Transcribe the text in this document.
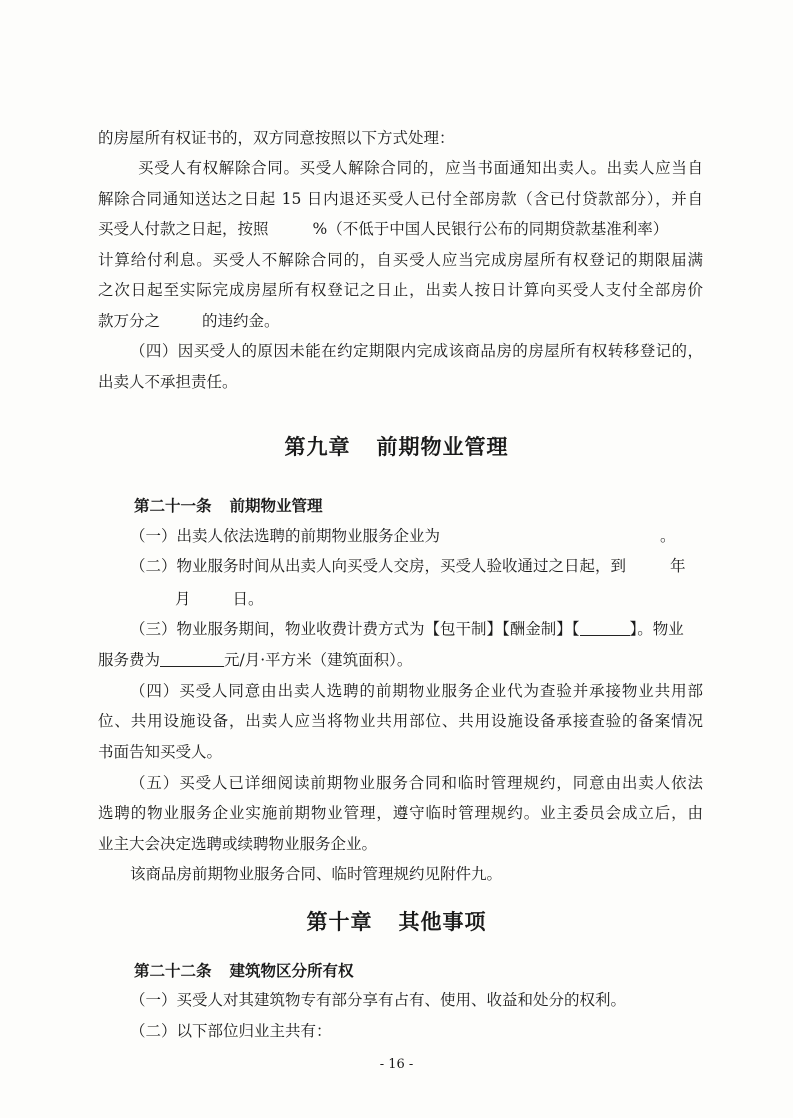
的房屋所有权证书的，双方同意按照以下方式处理：
买受人有权解除合同。买受人解除合同的，应当书面通知出卖人。出卖人应当自
解除合同通知送达之日起 15 日内退还买受人已付全部房款（含已付贷款部分），并自
买受人付款之日起，按照	%（不低于中国人民银行公布的同期贷款基准利率）
计算给付利息。买受人不解除合同的，自买受人应当完成房屋所有权登记的期限届满
之次日起至实际完成房屋所有权登记之日止，出卖人按日计算向买受人支付全部房价
款万分之	的违约金。
（四）因买受人的原因未能在约定期限内完成该商品房的房屋所有权转移登记的，
出卖人不承担责任。
第九章 前期物业管理
第二十一条 前期物业管理
（一）出卖人依法选聘的前期物业服务企业为	。
（二）物业服务时间从出卖人向买受人交房，买受人验收通过之日起，到	年
月	日。
（三）物业服务期间，物业收费计费方式为【包干制】【酬金制】【	】。物业
服务费为	元/月·平方米（建筑面积）。
（四）买受人同意由出卖人选聘的前期物业服务企业代为查验并承接物业共用部
位、共用设施设备，出卖人应当将物业共用部位、共用设施设备承接查验的备案情况
书面告知买受人。
（五）买受人已详细阅读前期物业服务合同和临时管理规约，同意由出卖人依法
选聘的物业服务企业实施前期物业管理，遵守临时管理规约。业主委员会成立后，由
业主大会决定选聘或续聘物业服务企业。
该商品房前期物业服务合同、临时管理规约见附件九。
第十章 其他事项
第二十二条 建筑物区分所有权
（一）买受人对其建筑物专有部分享有占有、使用、收益和处分的权利。
（二）以下部位归业主共有：
- 16 -
